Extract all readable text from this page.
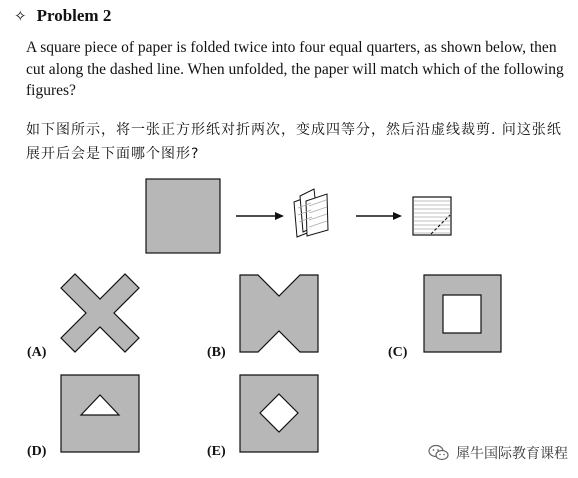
✧ Problem 2
A square piece of paper is folded twice into four equal quarters, as shown below, then cut along the dashed line. When unfolded, the paper will match which of the following figures?
如下图所示，将一张正方形纸对折两次，变成四等分，然后沿虚线裁剪. 问这张纸展开后会是下面哪个图形?
(A)	(B)	(C)
(D)	(E)	犀牛国际教育课程
